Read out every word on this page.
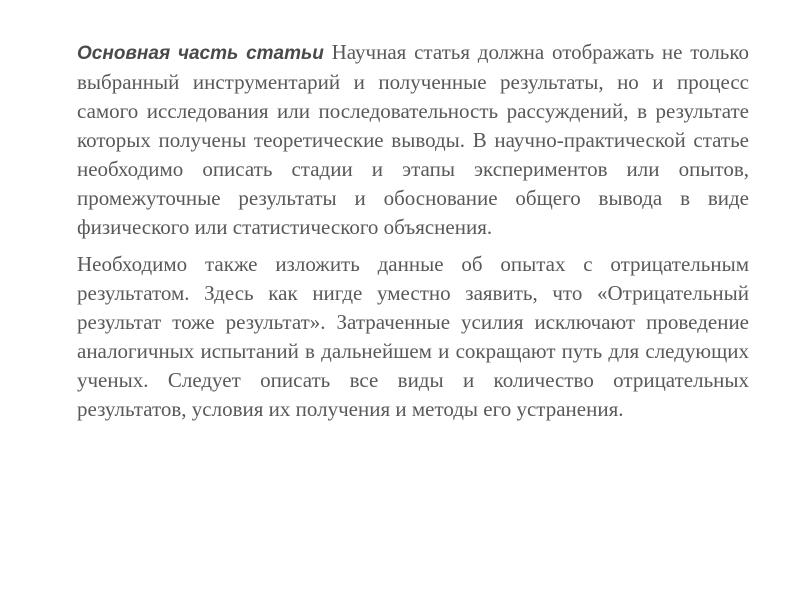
Основная часть статьи Научная статья должна отображать не только выбранный инструментарий и полученные результаты, но и процесс самого исследования или последовательность рассуждений, в результате которых получены теоретические выводы. В научно-практической статье необходимо описать стадии и этапы экспериментов или опытов, промежуточные результаты и обоснование общего вывода в виде физического или статистического объяснения.

Необходимо также изложить данные об опытах с отрицательным результатом. Здесь как нигде уместно заявить, что «Отрицательный результат тоже результат». Затраченные усилия исключают проведение аналогичных испытаний в дальнейшем и сокращают путь для следующих ученых. Следует описать все виды и количество отрицательных результатов, условия их получения и методы его устранения.
